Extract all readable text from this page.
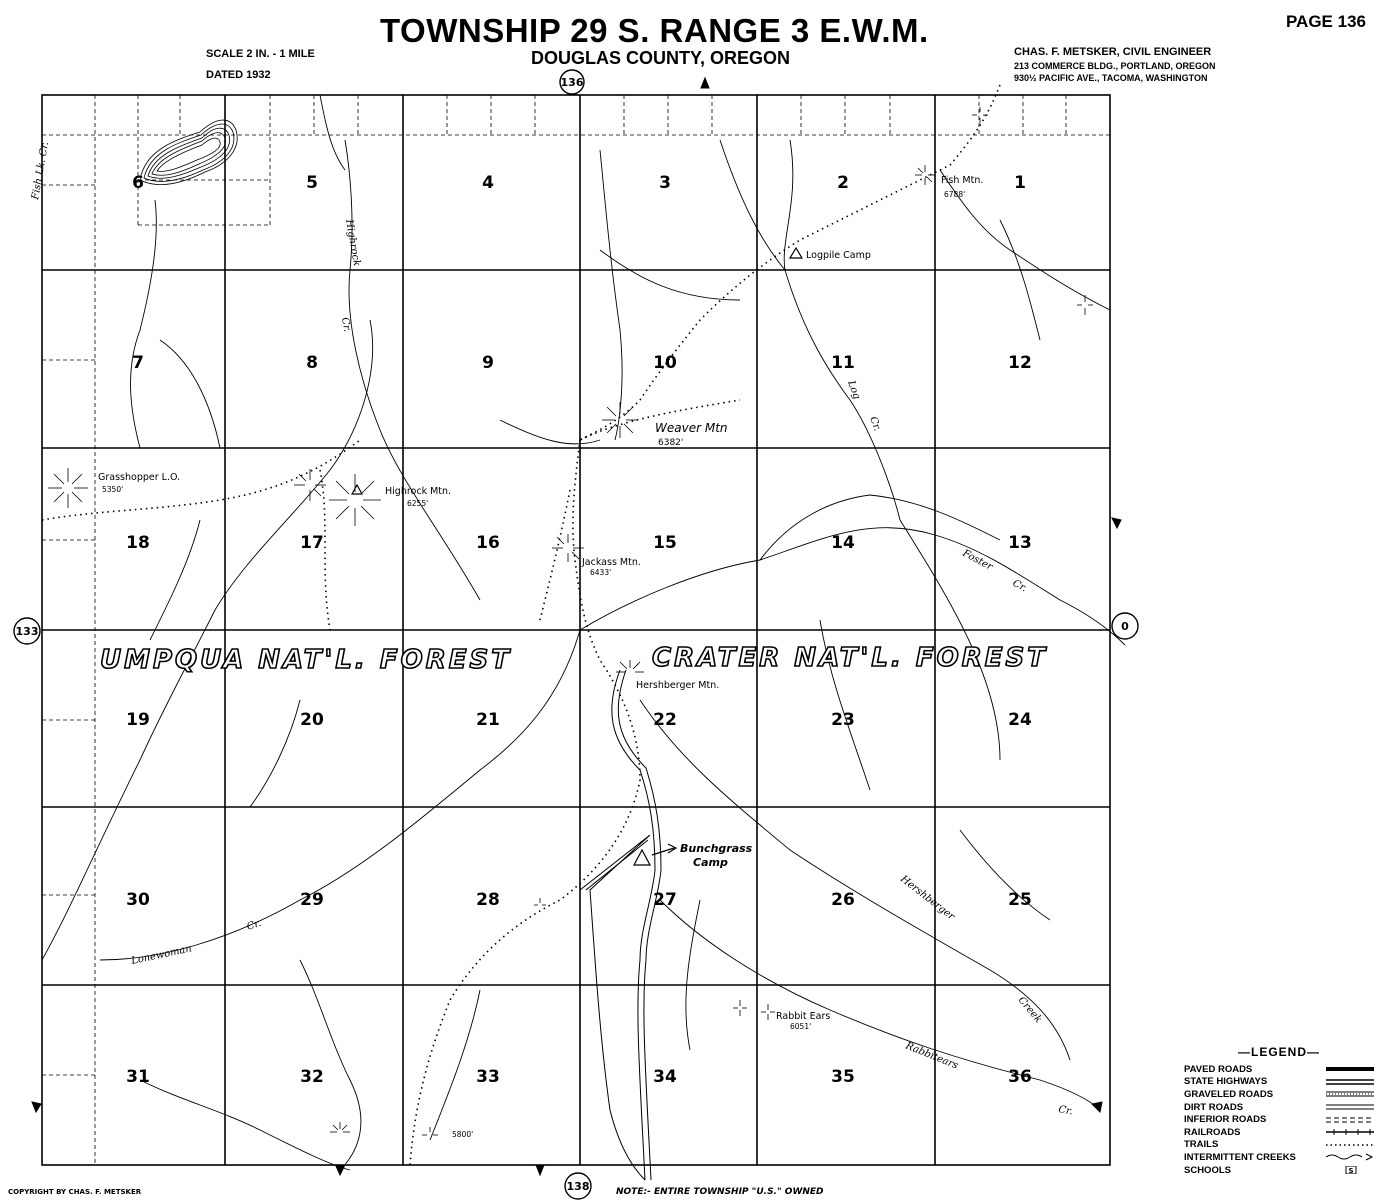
TOWNSHIP 29 S. RANGE 3 E.W.M.
DOUGLAS COUNTY, OREGON
PAGE 136
SCALE 2 IN. - 1 MILE
DATED 1932
CHAS. F. METSKER, CIVIL ENGINEER
213 COMMERCE BLDG., PORTLAND, OREGON
930½ PACIFIC AVE., TACOMA, WASHINGTON
136
133	0
138
6	5	4	3	2	1
7	8	9	10	11	12
18	17	16	15	14	13
19	20	21	22	23	24
30	29	28	27	26	25
31	32	33	34	35	36
UMPQUA NAT'L. FOREST	CRATER NAT'L. FOREST
Fish Mtn.
6788'
Logpile Camp
Weaver Mtn
6382'
Grasshopper L.O.
5350'	Highrock Mtn.
6255'
Jackass Mtn.
6433'
Hershberger Mtn.
Bunchgrass
Camp
Rabbit Ears
6051'
5800'
Fish Lk. Cr.
Highrock
Cr.
Log
Cr.
Foster
Cr.
Lonewoman
Cr.
Hershberger
Creek
Rabbitears
Cr.
—LEGEND—
PAVED ROADS
STATE HIGHWAYS
GRAVELED ROADS
DIRT ROADS
INFERIOR ROADS
RAILROADS
TRAILS
INTERMITTENT CREEKS
SCHOOLS	S
COPYRIGHT BY CHAS. F. METSKER	NOTE:- ENTIRE TOWNSHIP "U.S." OWNED
